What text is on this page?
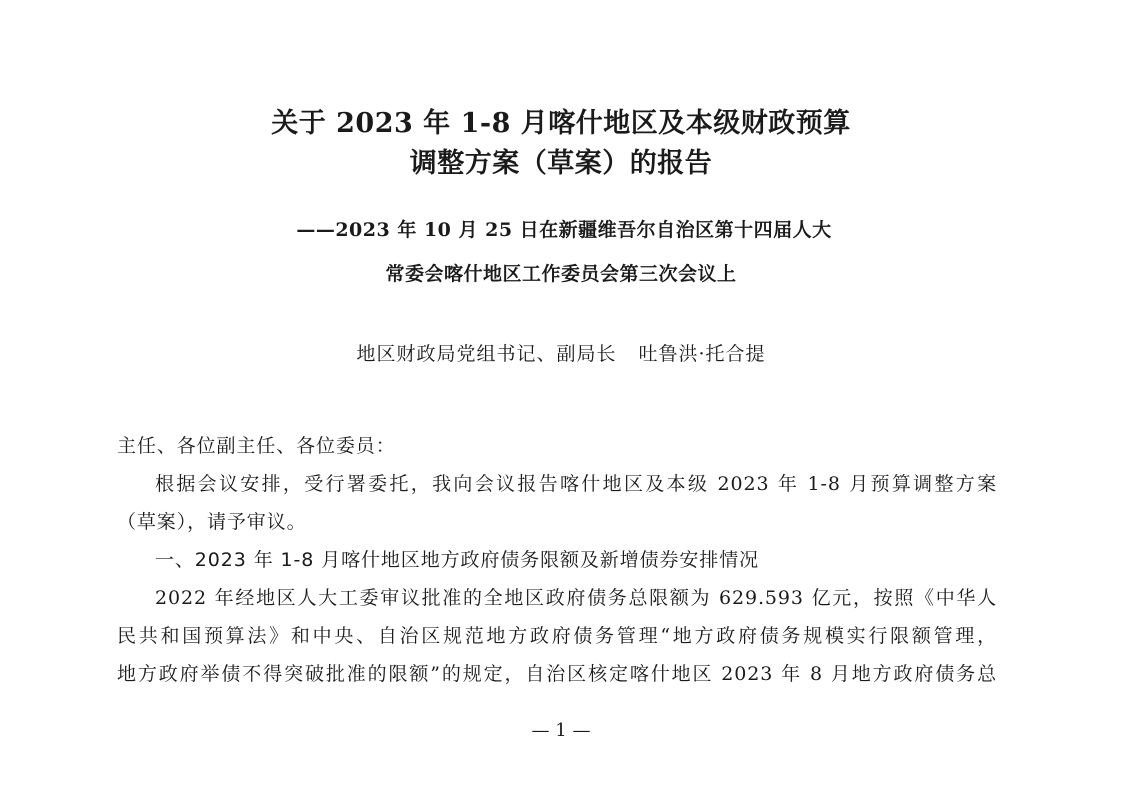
关于 2023 年 1-8 月喀什地区及本级财政预算
调整方案（草案）的报告
——2023 年 10 月 25 日在新疆维吾尔自治区第十四届人大
常委会喀什地区工作委员会第三次会议上
地区财政局党组书记、副局长 吐鲁洪·托合提
主任、各位副主任、各位委员：
根据会议安排，受行署委托，我向会议报告喀什地区及本级 2023 年 1-8 月预算调整方案
（草案），请予审议。
一、2023 年 1-8 月喀什地区地方政府债务限额及新增债券安排情况
2022 年经地区人大工委审议批准的全地区政府债务总限额为 629.593 亿元，按照《中华人
民共和国预算法》和中央、自治区规范地方政府债务管理“地方政府债务规模实行限额管理，
地方政府举债不得突破批准的限额”的规定，自治区核定喀什地区 2023 年 8 月地方政府债务总
— 1 —
